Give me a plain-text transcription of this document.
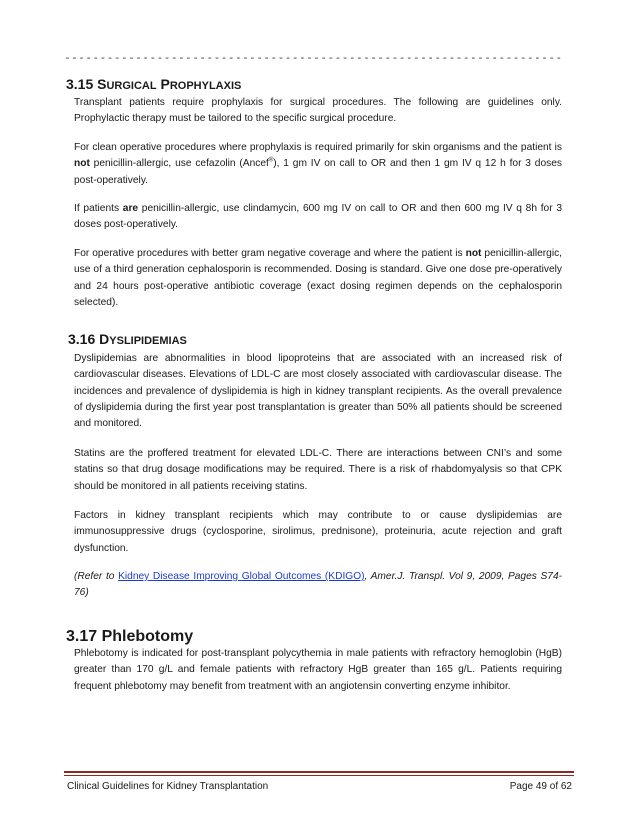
----------------------------------------------------------------------
3.15 SURGICAL PROPHYLAXIS
Transplant patients require prophylaxis for surgical procedures. The following are guidelines only. Prophylactic therapy must be tailored to the specific surgical procedure.
For clean operative procedures where prophylaxis is required primarily for skin organisms and the patient is not penicillin-allergic, use cefazolin (Ancef®), 1 gm IV on call to OR and then 1 gm IV q 12 h for 3 doses post-operatively.
If patients are penicillin-allergic, use clindamycin, 600 mg IV on call to OR and then 600 mg IV q 8h for 3 doses post-operatively.
For operative procedures with better gram negative coverage and where the patient is not penicillin-allergic, use of a third generation cephalosporin is recommended. Dosing is standard. Give one dose pre-operatively and 24 hours post-operative antibiotic coverage (exact dosing regimen depends on the cephalosporin selected).
3.16 DYSLIPIDEMIAS
Dyslipidemias are abnormalities in blood lipoproteins that are associated with an increased risk of cardiovascular diseases. Elevations of LDL-C are most closely associated with cardiovascular disease. The incidences and prevalence of dyslipidemia is high in kidney transplant recipients. As the overall prevalence of dyslipidemia during the first year post transplantation is greater than 50% all patients should be screened and monitored.
Statins are the proffered treatment for elevated LDL-C. There are interactions between CNI’s and some statins so that drug dosage modifications may be required. There is a risk of rhabdomyalysis so that CPK should be monitored in all patients receiving statins.
Factors in kidney transplant recipients which may contribute to or cause dyslipidemias are immunosuppressive drugs (cyclosporine, sirolimus, prednisone), proteinuria, acute rejection and graft dysfunction.
(Refer to Kidney Disease Improving Global Outcomes (KDIGO), Amer.J. Transpl. Vol 9, 2009, Pages S74-76)
3.17 Phlebotomy
Phlebotomy is indicated for post-transplant polycythemia in male patients with refractory hemoglobin (HgB) greater than 170 g/L and female patients with refractory HgB greater than 165 g/L. Patients requiring frequent phlebotomy may benefit from treatment with an angiotensin converting enzyme inhibitor.
Clinical Guidelines for Kidney Transplantation	Page 49 of 62
